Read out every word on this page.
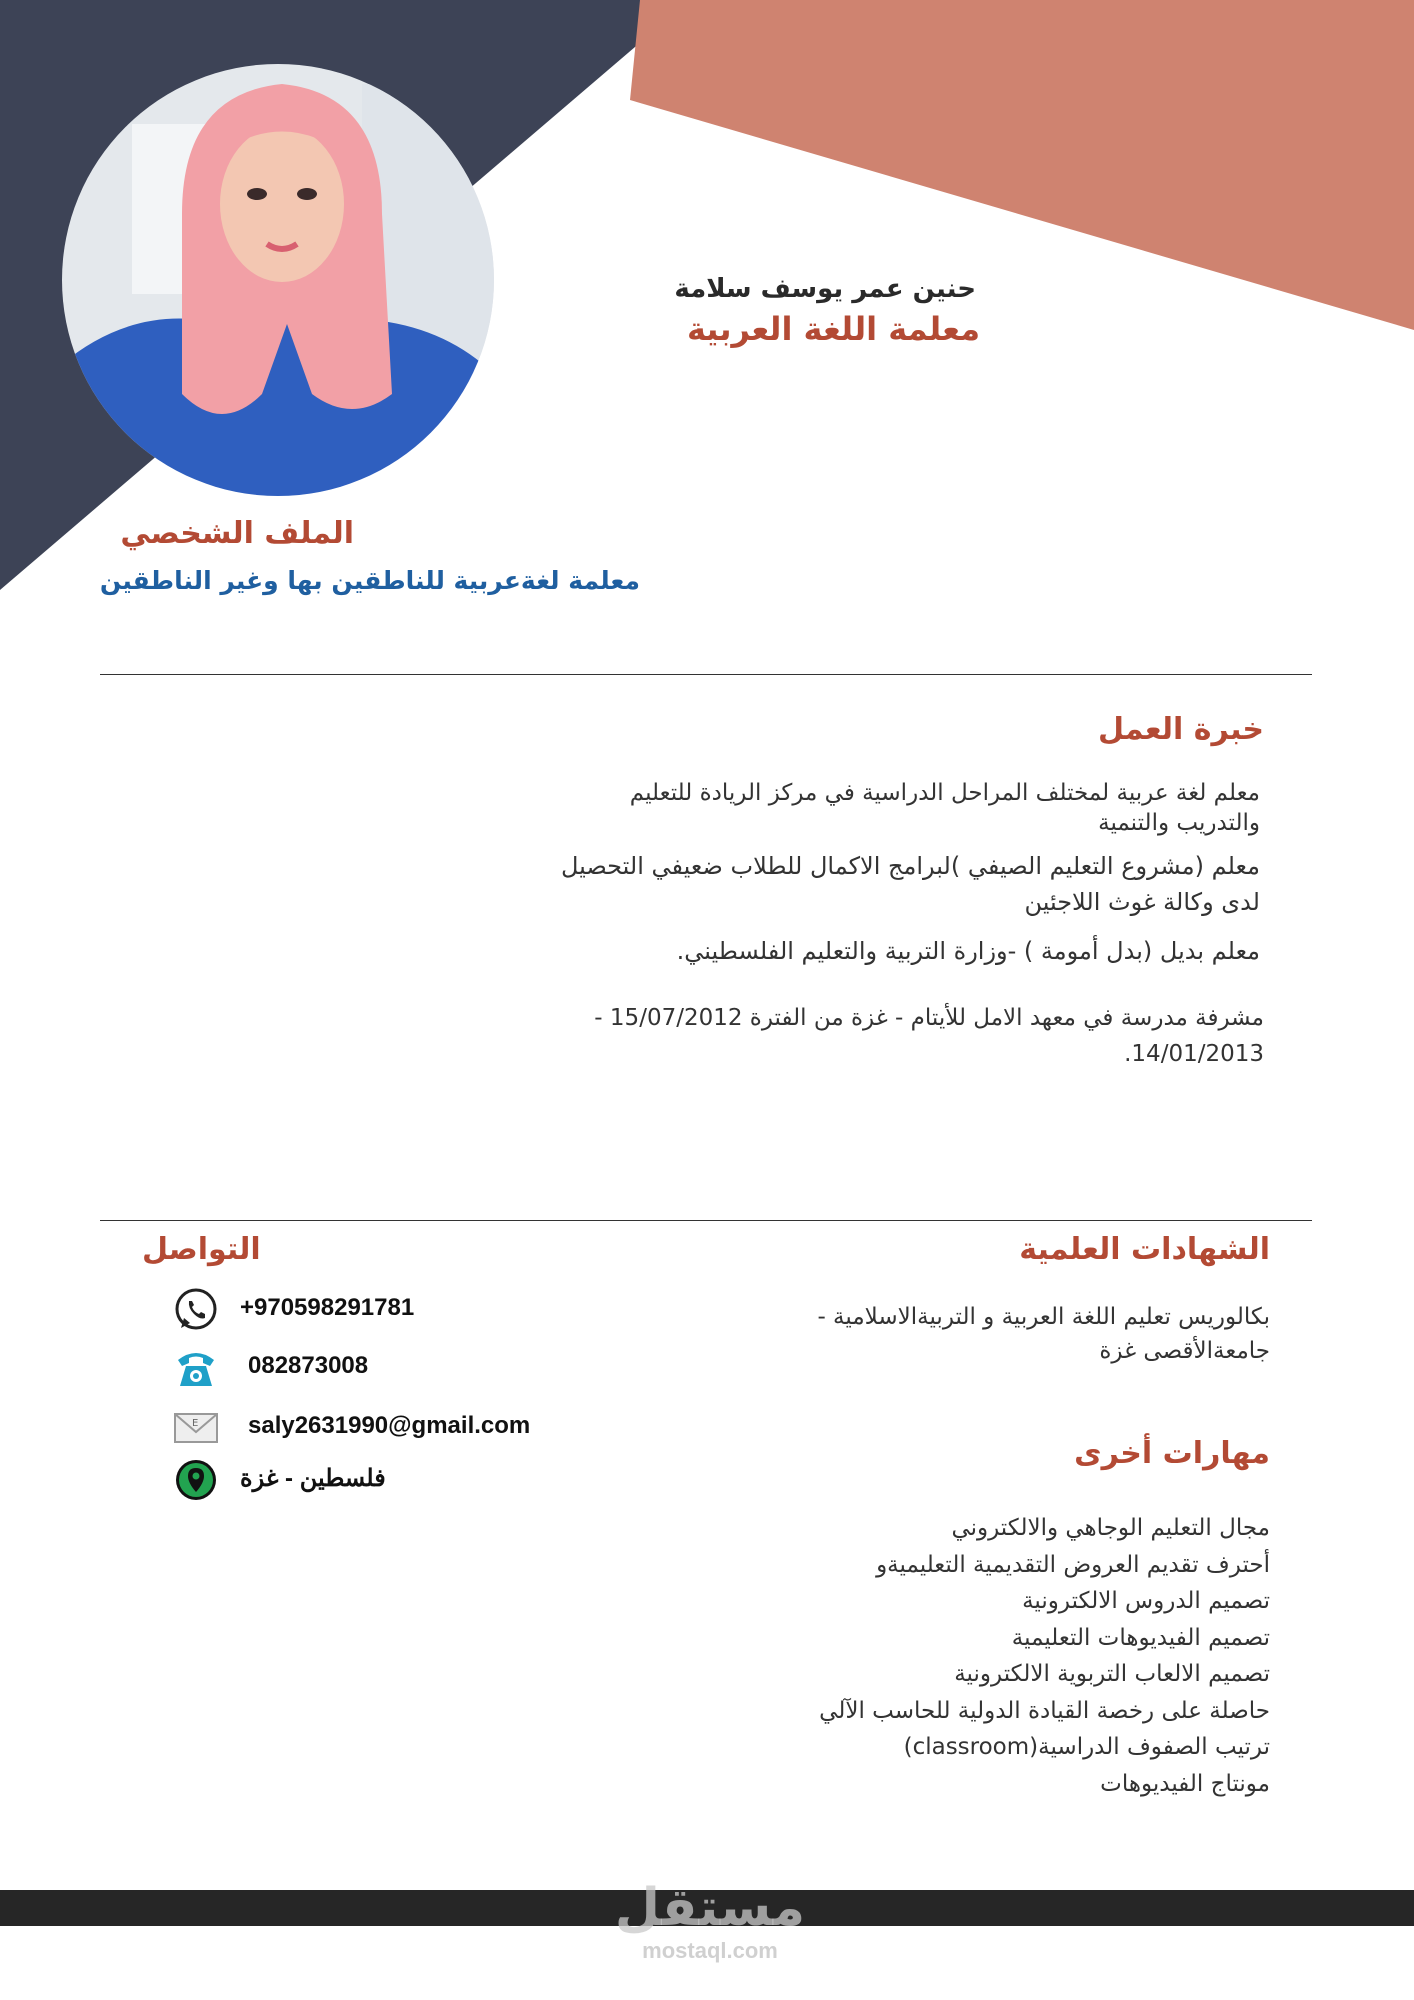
حنين عمر يوسف سلامة
معلمة اللغة العربية
الملف الشخصي
معلمة لغةعربية للناطقين بها وغير الناطقين
خبرة العمل
معلم لغة عربية لمختلف المراحل الدراسية في مركز الريادة للتعليم
والتدريب والتنمية
معلم (مشروع التعليم الصيفي )لبرامج الاكمال للطلاب ضعيفي التحصيل
لدى وكالة غوث اللاجئين
معلم بديل (بدل أمومة ) -وزارة التربية والتعليم الفلسطيني.
مشرفة مدرسة في معهد الامل للأيتام - غزة من الفترة 15/07/2012 -
14/01/2013.
الشهادات العلمية
بكالوريس تعليم اللغة العربية و التربيةالاسلامية -
جامعةالأقصى غزة
مهارات أخرى
مجال التعليم الوجاهي والالكتروني
أحترف تقديم العروض التقديمية التعليميةو
تصميم الدروس الالكترونية
تصميم الفيديوهات التعليمية
تصميم الالعاب التربوية الالكترونية
حاصلة على رخصة القيادة الدولية للحاسب الآلي
ترتيب الصفوف الدراسية(classroom)
مونتاج الفيديوهات
التواصل
+970598291781
082873008
E saly2631990@gmail.com
فلسطين - غزة
مستقل
mostaql.com
